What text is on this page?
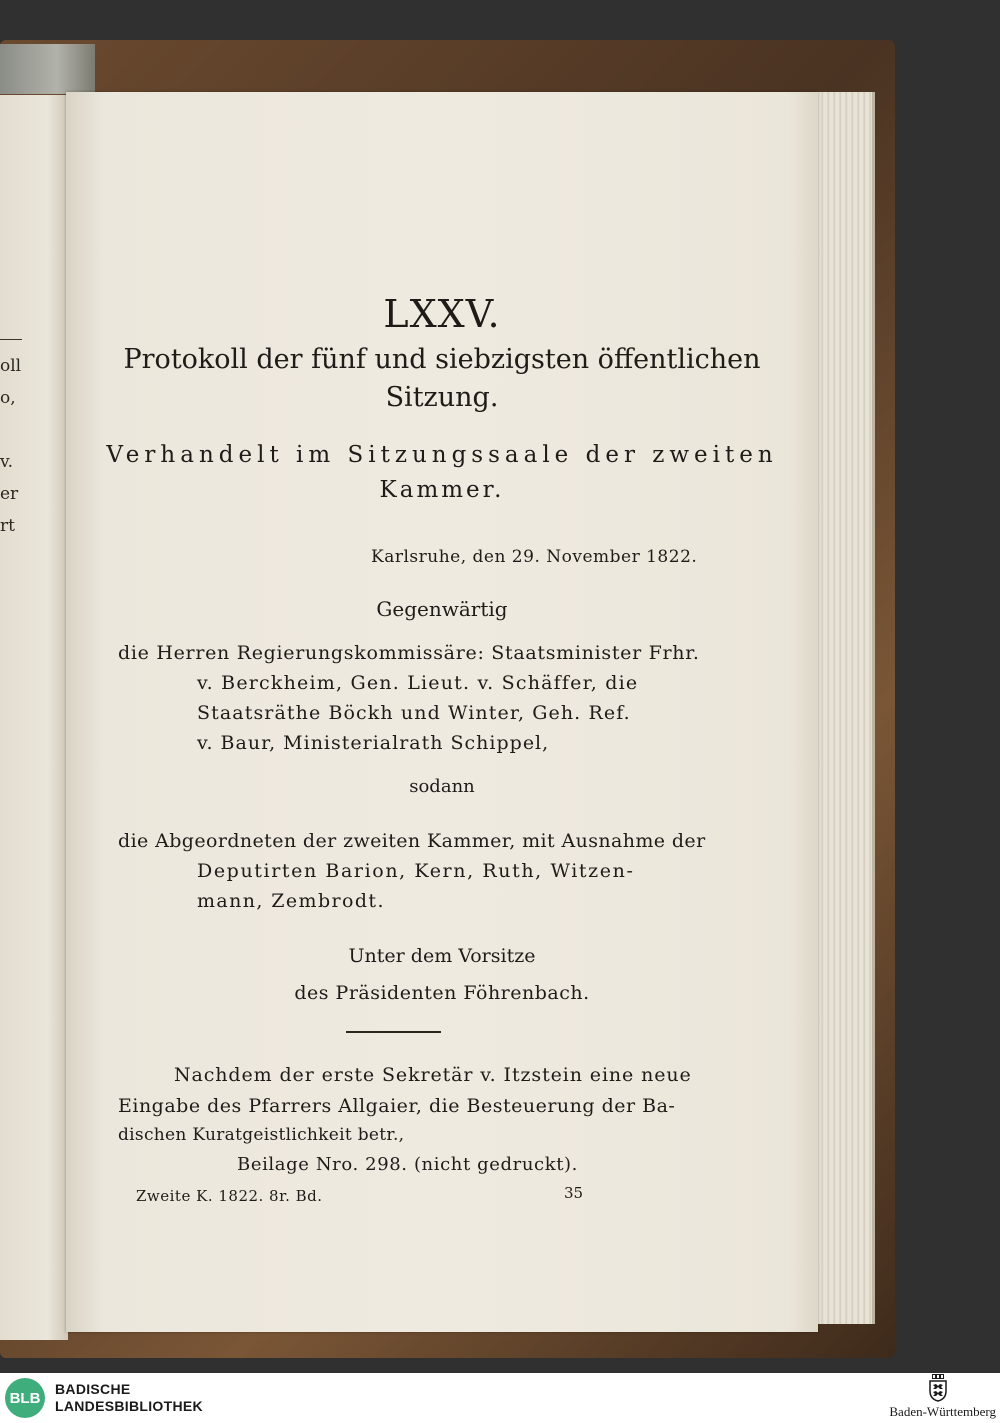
oll
o,

v.
er
rt
LXXV.
Protokoll der fünf und siebzigsten öffentlichen
Sitzung.
Verhandelt im Sitzungssaale der zweiten
Kammer.
Karlsruhe, den 29. November 1822.
Gegenwärtig
die Herren Regierungskommissäre: Staatsminister Frhr.
v. Berckheim, Gen. Lieut. v. Schäffer, die
Staatsräthe Böckh und Winter, Geh. Ref.
v. Baur, Ministerialrath Schippel,
sodann
die Abgeordneten der zweiten Kammer, mit Ausnahme der
Deputirten Barion, Kern, Ruth, Witzen-
mann, Zembrodt.
Unter dem Vorsitze
des Präsidenten Föhrenbach.
Nachdem der erste Sekretär v. Itzstein eine neue
Eingabe des Pfarrers Allgaier, die Besteuerung der Ba-
dischen Kuratgeistlichkeit betr.,
Beilage Nro. 298. (nicht gedruckt).
Zweite K. 1822. 8r. Bd.	35
BLB
BADISCHE
LANDESBIBLIOTHEK	Baden-Württemberg
